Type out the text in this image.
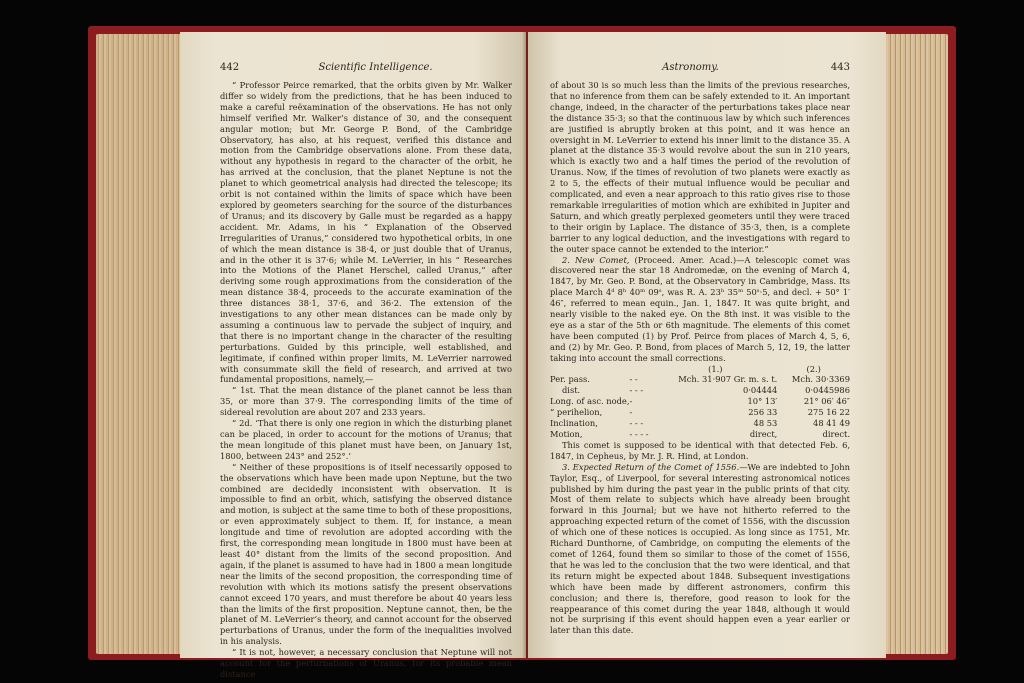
442	Scientific Intelligence.

“ Professor Peirce remarked, that the orbits given by Mr. Walker differ so widely from the predictions, that he has been induced to make a careful reëxamination of the observations. He has not only himself verified Mr. Walker’s distance of 30, and the consequent angular motion; but Mr. George P. Bond, of the Cambridge Observatory, has also, at his request, verified this distance and motion from the Cambridge observations alone. From these data, without any hypothesis in regard to the character of the orbit, he has arrived at the conclusion, that the planet Neptune is not the planet to which geometrical analysis had directed the telescope; its orbit is not contained within the limits of space which have been explored by geometers searching for the source of the disturbances of Uranus; and its discovery by Galle must be regarded as a happy accident. Mr. Adams, in his “ Explanation of the Observed Irregularities of Uranus,” considered two hypothetical orbits, in one of which the mean distance is 38·4, or just double that of Uranus, and in the other it is 37·6; while M. LeVerrier, in his “ Researches into the Motions of the Planet Herschel, called Uranus,” after deriving some rough approximations from the consideration of the mean distance 38·4, proceeds to the accurate examination of the three distances 38·1, 37·6, and 36·2. The extension of the investigations to any other mean distances can be made only by assuming a continuous law to pervade the subject of inquiry, and that there is no important change in the character of the resulting perturbations. Guided by this principle, well established, and legitimate, if confined within proper limits, M. LeVerrier narrowed with consummate skill the field of research, and arrived at two fundamental propositions, namely,—

“ 1st. That the mean distance of the planet cannot be less than 35, or more than 37·9. The corresponding limits of the time of sidereal revolution are about 207 and 233 years.

“ 2d. ‘That there is only one region in which the disturbing planet can be placed, in order to account for the motions of Uranus; that the mean longitude of this planet must have been, on January 1st, 1800, between 243° and 252°.’

“ Neither of these propositions is of itself necessarily opposed to the observations which have been made upon Neptune, but the two combined are decidedly inconsistent with observation. It is impossible to find an orbit, which, satisfying the observed distance and motion, is subject at the same time to both of these propositions, or even approximately subject to them. If, for instance, a mean longitude and time of revolution are adopted according with the first, the corresponding mean longitude in 1800 must have been at least 40° distant from the limits of the second proposition. And again, if the planet is assumed to have had in 1800 a mean longitude near the limits of the second proposition, the corresponding time of revolution with which its motions satisfy the present observations cannot exceed 170 years, and must therefore be about 40 years less than the limits of the first proposition. Neptune cannot, then, be the planet of M. LeVerrier’s theory, and cannot account for the observed perturbations of Uranus, under the form of the inequalities involved in his analysis.

“ It is not, however, a necessary conclusion that Neptune will not account for the perturbations of Uranus, for its probable mean distance

Astronomy.	443

of about 30 is so much less than the limits of the previous researches, that no inference from them can be safely extended to it. An important change, indeed, in the character of the perturbations takes place near the distance 35·3; so that the continuous law by which such inferences are justified is abruptly broken at this point, and it was hence an oversight in M. LeVerrier to extend his inner limit to the distance 35. A planet at the distance 35·3 would revolve about the sun in 210 years, which is exactly two and a half times the period of the revolution of Uranus. Now, if the times of revolution of two planets were exactly as 2 to 5, the effects of their mutual influence would be peculiar and complicated, and even a near approach to this ratio gives rise to those remarkable irregularities of motion which are exhibited in Jupiter and Saturn, and which greatly perplexed geometers until they were traced to their origin by Laplace. The distance of 35·3, then, is a complete barrier to any logical deduction, and the investigations with regard to the outer space cannot be extended to the interior.”

2. New Comet, (Proceed. Amer. Acad.)—A telescopic comet was discovered near the star 18 Andromedæ, on the evening of March 4, 1847, by Mr. Geo. P. Bond, at the Observatory in Cambridge, Mass. Its place March 4ᵈ 8ʰ 40ᵐ 09ˢ, was R. A. 23ʰ 35ᵐ 50ˢ·5, and decl. + 50° 1′ 46″, referred to mean equin., Jan. 1, 1847. It was quite bright, and nearly visible to the naked eye. On the 8th inst. it was visible to the eye as a star of the 5th or 6th magnitude. The elements of this comet have been computed (1) by Prof. Peirce from places of March 4, 5, 6, and (2) by Mr. Geo. P. Bond, from places of March 5, 12, 19, the latter taking into account the small corrections.

		(1.)	(2.)
Per. pass.	- -	Mch. 31·907 Gr. m. s. t.	Mch. 30·3369
dist.	- - -	0·04444	0·0445986
Long. of asc. node,	-	10° 13′	21° 06′ 46″
“ perihelion,	-	256 33	275 16 22
Inclination,	- - -	48 53	48 41 49
Motion,	- - - -	direct,	direct.

This comet is supposed to be identical with that detected Feb. 6, 1847, in Cepheus, by Mr. J. R. Hind, at London.

3. Expected Return of the Comet of 1556.—We are indebted to John Taylor, Esq., of Liverpool, for several interesting astronomical notices published by him during the past year in the public prints of that city. Most of them relate to subjects which have already been brought forward in this Journal; but we have not hitherto referred to the approaching expected return of the comet of 1556, with the discussion of which one of these notices is occupied. As long since as 1751, Mr. Richard Dunthorne, of Cambridge, on computing the elements of the comet of 1264, found them so similar to those of the comet of 1556, that he was led to the conclusion that the two were identical, and that its return might be expected about 1848. Subsequent investigations which have been made by different astronomers, confirm this conclusion; and there is, therefore, good reason to look for the reappearance of this comet during the year 1848, although it would not be surprising if this event should happen even a year earlier or later than this date.
